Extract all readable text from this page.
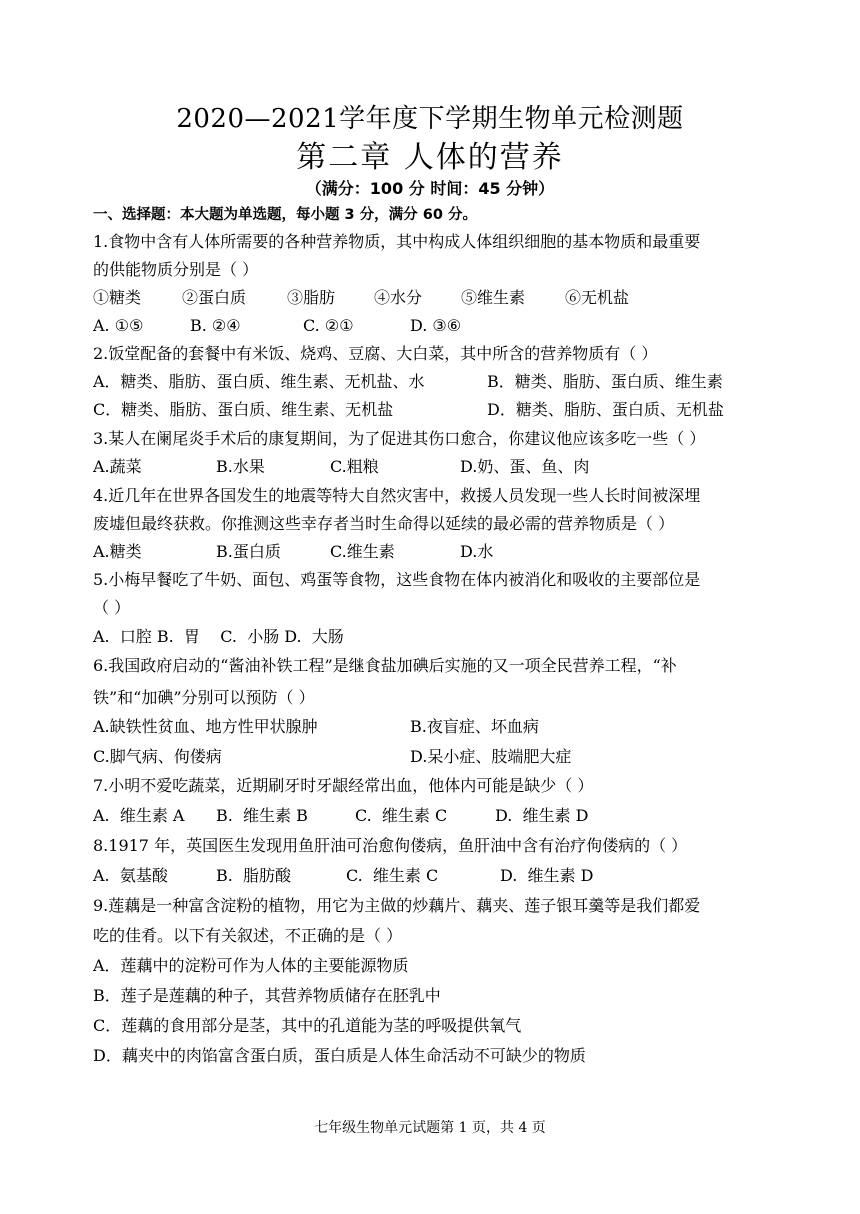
2020—2021学年度下学期生物单元检测题
第二章 人体的营养
（满分：100 分 时间：45 分钟）
一、选择题：本大题为单选题，每小题 3 分，满分 60 分。
1.食物中含有人体所需要的各种营养物质，其中构成人体组织细胞的基本物质和最重要
的供能物质分别是（ ）
①糖类	②蛋白质	③脂肪 ④水分 ⑤维生素 ⑥无机盐
A. ①⑤	B. ②④	C. ②①	D. ③⑥
2.饭堂配备的套餐中有米饭、烧鸡、豆腐、大白菜，其中所含的营养物质有（ ）
A．糖类、脂肪、蛋白质、维生素、无机盐、水	B．糖类、脂肪、蛋白质、维生素
C．糖类、脂肪、蛋白质、维生素、无机盐	D．糖类、脂肪、蛋白质、无机盐
3.某人在阑尾炎手术后的康复期间，为了促进其伤口愈合，你建议他应该多吃一些（ ）
A.蔬菜	B.水果	C.粗粮	D.奶、蛋、鱼、肉
4.近几年在世界各国发生的地震等特大自然灾害中，救援人员发现一些人长时间被深埋
废墟但最终获救。你推测这些幸存者当时生命得以延续的最必需的营养物质是（ ）
A.糖类	B.蛋白质	C.维生素	D.水
5.小梅早餐吃了牛奶、面包、鸡蛋等食物，这些食物在体内被消化和吸收的主要部位是
（ ）
A.  口腔 B.  胃    C.  小肠 D.  大肠
6.我国政府启动的“酱油补铁工程”是继食盐加碘后实施的又一项全民营养工程，“补
铁”和“加碘”分别可以预防（ ）
A.缺铁性贫血、地方性甲状腺肿	B.夜盲症、坏血病
C.脚气病、佝偻病	D.呆小症、肢端肥大症
7.小明不爱吃蔬菜，近期刷牙时牙龈经常出血，他体内可能是缺少（ ）
A.  维生素 A B.  维生素 B	C.  维生素 C	D.  维生素 D
8.1917 年，英国医生发现用鱼肝油可治愈佝偻病，鱼肝油中含有治疗佝偻病的（ ）
A.  氨基酸	B.  脂肪酸	C.  维生素 C	D.  维生素 D
9.莲藕是一种富含淀粉的植物，用它为主做的炒藕片、藕夹、莲子银耳羹等是我们都爱
吃的佳肴。以下有关叙述，不正确的是（ ）
A．莲藕中的淀粉可作为人体的主要能源物质
B．莲子是莲藕的种子，其营养物质储存在胚乳中
C．莲藕的食用部分是茎，其中的孔道能为茎的呼吸提供氧气
D．藕夹中的肉馅富含蛋白质，蛋白质是人体生命活动不可缺少的物质
七年级生物单元试题第 1 页，共 4 页
